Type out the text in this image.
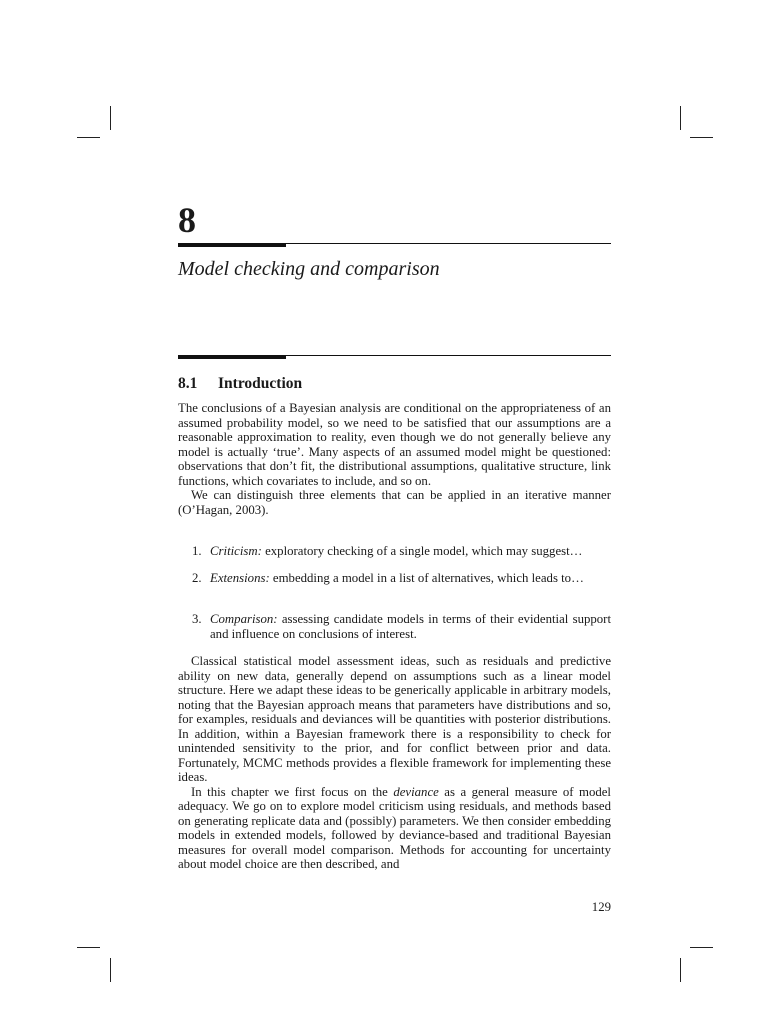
8
Model checking and comparison
8.1 Introduction

The conclusions of a Bayesian analysis are conditional on the appropriateness of an assumed probability model, so we need to be satisfied that our assumptions are a reasonable approximation to reality, even though we do not generally believe any model is actually ‘true’. Many aspects of an assumed model might be questioned: observations that don’t fit, the distributional assumptions, qualitative structure, link functions, which covariates to include, and so on.

We can distinguish three elements that can be applied in an iterative manner (O’Hagan, 2003).

1. Criticism: exploratory checking of a single model, which may suggest…
2. Extensions: embedding a model in a list of alternatives, which leads to…
3. Comparison: assessing candidate models in terms of their evidential support and influence on conclusions of interest.

Classical statistical model assessment ideas, such as residuals and predictive ability on new data, generally depend on assumptions such as a linear model structure. Here we adapt these ideas to be generically applicable in arbitrary models, noting that the Bayesian approach means that parameters have distributions and so, for examples, residuals and deviances will be quantities with posterior distributions. In addition, within a Bayesian framework there is a responsibility to check for unintended sensitivity to the prior, and for conflict between prior and data. Fortunately, MCMC methods provides a flexible framework for implementing these ideas.

In this chapter we first focus on the deviance as a general measure of model adequacy. We go on to explore model criticism using residuals, and methods based on generating replicate data and (possibly) parameters. We then consider embedding models in extended models, followed by deviance-based and traditional Bayesian measures for overall model comparison. Methods for accounting for uncertainty about model choice are then described, and

129
